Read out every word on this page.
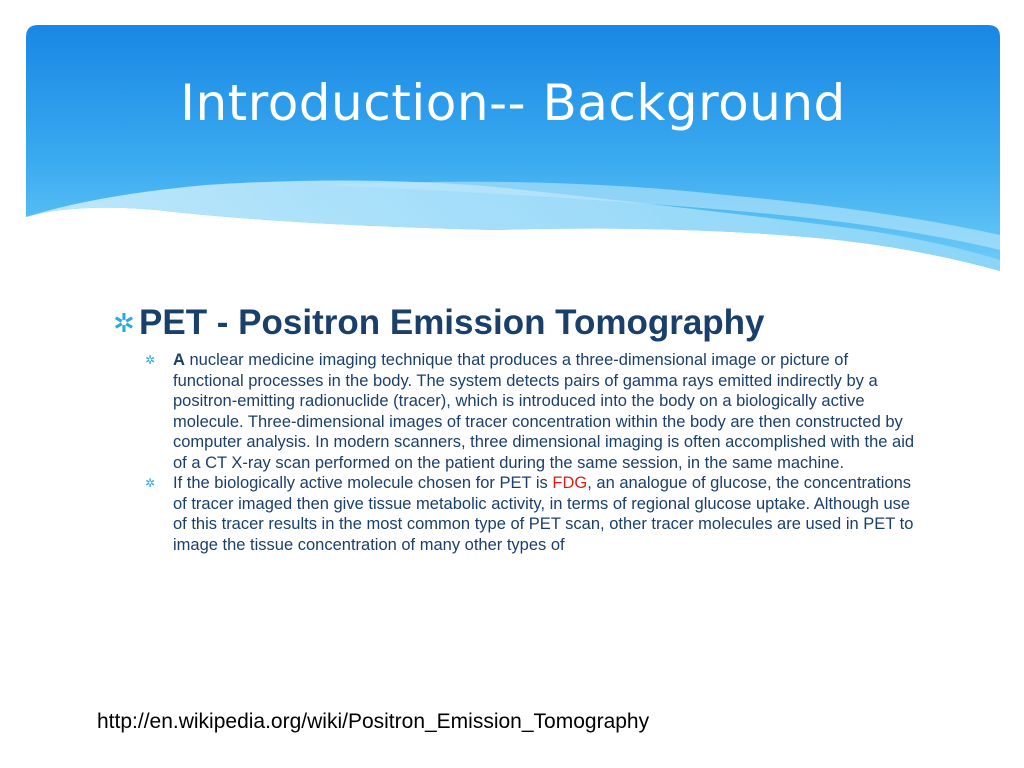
Introduction-- Background
✲ PET - Positron Emission Tomography
✲ A nuclear medicine imaging technique that produces a three-dimensional image or picture of functional processes in the body. The system detects pairs of gamma rays emitted indirectly by a positron-emitting radionuclide (tracer), which is introduced into the body on a biologically active molecule. Three-dimensional images of tracer concentration within the body are then constructed by computer analysis. In modern scanners, three dimensional imaging is often accomplished with the aid of a CT X-ray scan performed on the patient during the same session, in the same machine.
✲ If the biologically active molecule chosen for PET is FDG, an analogue of glucose, the concentrations of tracer imaged then give tissue metabolic activity, in terms of regional glucose uptake. Although use of this tracer results in the most common type of PET scan, other tracer molecules are used in PET to image the tissue concentration of many other types of
http://en.wikipedia.org/wiki/Positron_Emission_Tomography
